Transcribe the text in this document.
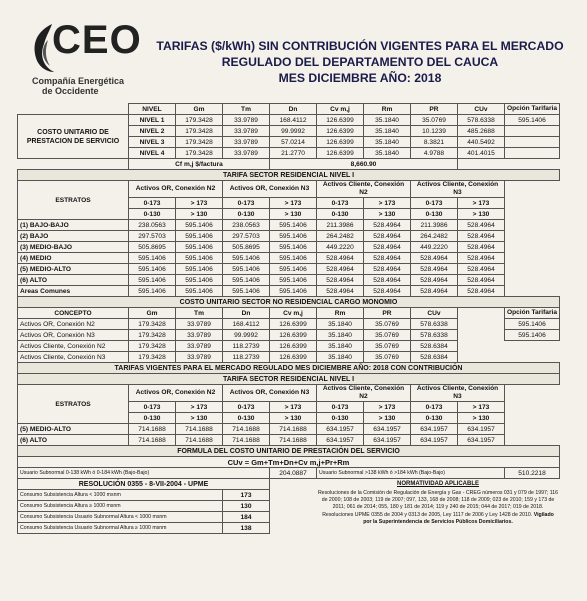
CEO
Compañía Energética
de Occidente
TARIFAS ($/kWh) SIN CONTRIBUCIÓN VIGENTES PARA EL MERCADO
REGULADO DEL DEPARTAMENTO DEL CAUCA
MES DICIEMBRE AÑO: 2018
	NIVEL	Gm	Tm	Dn	Cv m,j	Rm	PR	CUv	Opción Tarifaria
COSTO UNITARIO DE PRESTACION DE SERVICIO	NIVEL 1	179.3428	33.9789	168.4112	126.6399	35.1840	35.0769	578.6338	595.1406
	NIVEL 2	179.3428	33.9789	99.9992	126.6399	35.1840	10.1239	485.2688	
	NIVEL 3	179.3428	33.9789	57.0214	126.6399	35.1840	8.3821	440.5492	
	NIVEL 4	179.3428	33.9789	21.2770	126.6399	35.1840	4.9788	401.4015	
	Cf m,j $/factura			8,660.90					
TARIFA SECTOR RESIDENCIAL NIVEL I									
ESTRATOS	Activos OR, Conexión N2		Activos OR, Conexión N3		Activos Cliente, Conexión N2		Activos Cliente, Conexión N3		
	0-173	> 173	0-173	> 173	0-173	> 173	0-173	> 173	
	0-130	> 130	0-130	> 130	0-130	> 130	0-130	> 130	
(1) BAJO-BAJO	238.0563	595.1406	238.0563	595.1406	211.3986	528.4964	211.3986	528.4964	
(2) BAJO	297.5703	595.1406	297.5703	595.1406	264.2482	528.4964	264.2482	528.4964	
(3) MEDIO-BAJO	505.8695	595.1406	505.8695	595.1406	449.2220	528.4964	449.2220	528.4964	
(4) MEDIO	595.1406	595.1406	595.1406	595.1406	528.4964	528.4964	528.4964	528.4964	
(5) MEDIO-ALTO	595.1406	595.1406	595.1406	595.1406	528.4964	528.4964	528.4964	528.4964	
(6) ALTO	595.1406	595.1406	595.1406	595.1406	528.4964	528.4964	528.4964	528.4964	
Areas Comunes	595.1406	595.1406	595.1406	595.1406	528.4964	528.4964	528.4964	528.4964	
COSTO UNITARIO SECTOR NO RESIDENCIAL CARGO MONOMIO									
CONCEPTO	Gm	Tm	Dn	Cv m,j	Rm	PR	CUv		Opción Tarifaria
Activos OR, Conexión N2	179.3428	33.9789	168.4112	126.6399	35.1840	35.0769	578.6338		595.1406
Activos OR, Conexión N3	179.3428	33.9789	99.9992	126.6399	35.1840	35.0769	578.6338		595.1406
Activos Cliente, Conexión N2	179.3428	33.9789	118.2739	126.6399	35.1840	35.0769	528.6384		
Activos Cliente, Conexión N3	179.3428	33.9789	118.2739	126.6399	35.1840	35.0769	528.6384		
TARIFAS VIGENTES PARA EL MERCADO REGULADO MES DICIEMBRE AÑO: 2018 CON CONTRIBUCIÓN									
TARIFA SECTOR RESIDENCIAL NIVEL I									
ESTRATOS	Activos OR, Conexión N2		Activos OR, Conexión N3		Activos Cliente, Conexión N2		Activos Cliente, Conexión N3		
	0-173	> 173	0-173	> 173	0-173	> 173	0-173	> 173	
	0-130	> 130	0-130	> 130	0-130	> 130	0-130	> 130	
(5) MEDIO-ALTO	714.1688	714.1688	714.1688	714.1688	634.1957	634.1957	634.1957	634.1957	
(6) ALTO	714.1688	714.1688	714.1688	714.1688	634.1957	634.1957	634.1957	634.1957	
FORMULA DEL COSTO UNITARIO DE PRESTACIÓN DEL SERVICIO									
CUv = Gm+Tm+Dn+Cv m,j+Pr+Rm									
Usuario Subnormal 0-138 kWh ó 0-184 kWh (Bajo-Bajo)				204.0887	Usuario Subnormal >138 kWh ó >184 kWh (Bajo-Bajo)				510.2218
RESOLUCIÓN 0355 - 8-VII-2004 - UPME					NORMATIVIDAD APLICABLE				
Consumo Subsistencia Altura < 1000 msnm			173		Resoluciones de la Comisión de Regulación de Energía y Gas - CREG números 031 y 079 de 1997; 116 de 2000; 108 de 2003; 119 de 2007; 097, 133, 168 de 2008; 118 de 2009; 023 de 2010; 159 y 173 de 2011; 061 de 2014; 055, 180 y 181 de 2014; 119 y 240 de 2015; 044 de 2017; 019 de 2018. Resoluciones UPME 0355 de 2004 y 0313 de 2005, Ley 1117 de 2006 y Ley 1428 de 2010. Vigilado por la Superintendencia de Servicios Públicos Domiciliarios.				
Consumo Subsistencia Altura ≥ 1000 msnm			130						
Consumo Subsistencia Usuario Subnormal Altura < 1000 msnm			184						
Consumo Subsistencia Usuario Subnormal Altura ≥ 1000 msnm			138						
